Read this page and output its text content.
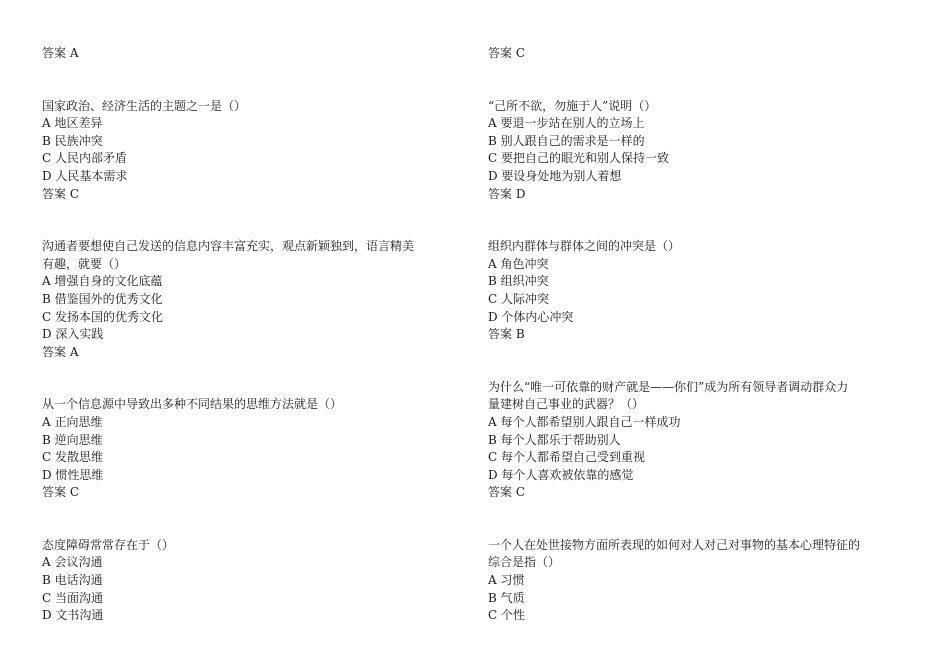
答案 A
国家政治、经济生活的主题之一是（）
A 地区差异
B 民族冲突
C 人民内部矛盾
D 人民基本需求
答案 C
沟通者要想使自己发送的信息内容丰富充实，观点新颖独到，语言精美
有趣，就要（）
A 增强自身的文化底蕴
B 借鉴国外的优秀文化
C 发扬本国的优秀文化
D 深入实践
答案 A
从一个信息源中导致出多种不同结果的思维方法就是（）
A 正向思维
B 逆向思维
C 发散思维
D 惯性思维
答案 C
态度障碍常常存在于（）
A 会议沟通
B 电话沟通
C 当面沟通
D 文书沟通
答案 C
“己所不欲，勿施于人”说明（）
A 要退一步站在别人的立场上
B 别人跟自己的需求是一样的
C 要把自己的眼光和别人保持一致
D 要设身处地为别人着想
答案 D
组织内群体与群体之间的冲突是（）
A 角色冲突
B 组织冲突
C 人际冲突
D 个体内心冲突
答案 B
为什么“唯一可依靠的财产就是——你们”成为所有领导者调动群众力
量建树自己事业的武器？（）
A 每个人都希望别人跟自己一样成功
B 每个人都乐于帮助别人
C 每个人都希望自己受到重视
D 每个人喜欢被依靠的感觉
答案 C
一个人在处世接物方面所表现的如何对人对己对事物的基本心理特征的
综合是指（）
A 习惯
B 气质
C 个性
